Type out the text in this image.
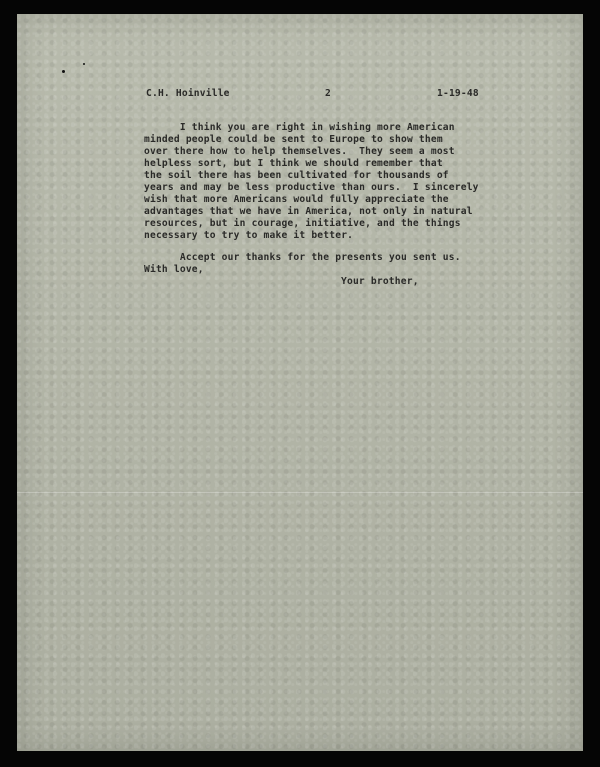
C.H. Hoinville	2	1-19-48
I think you are right in wishing more American
minded people could be sent to Europe to show them
over there how to help themselves.  They seem a most
helpless sort, but I think we should remember that
the soil there has been cultivated for thousands of
years and may be less productive than ours.  I sincerely
wish that more Americans would fully appreciate the
advantages that we have in America, not only in natural
resources, but in courage, initiative, and the things
necessary to try to make it better.
Accept our thanks for the presents you sent us.
With love,
Your brother,
